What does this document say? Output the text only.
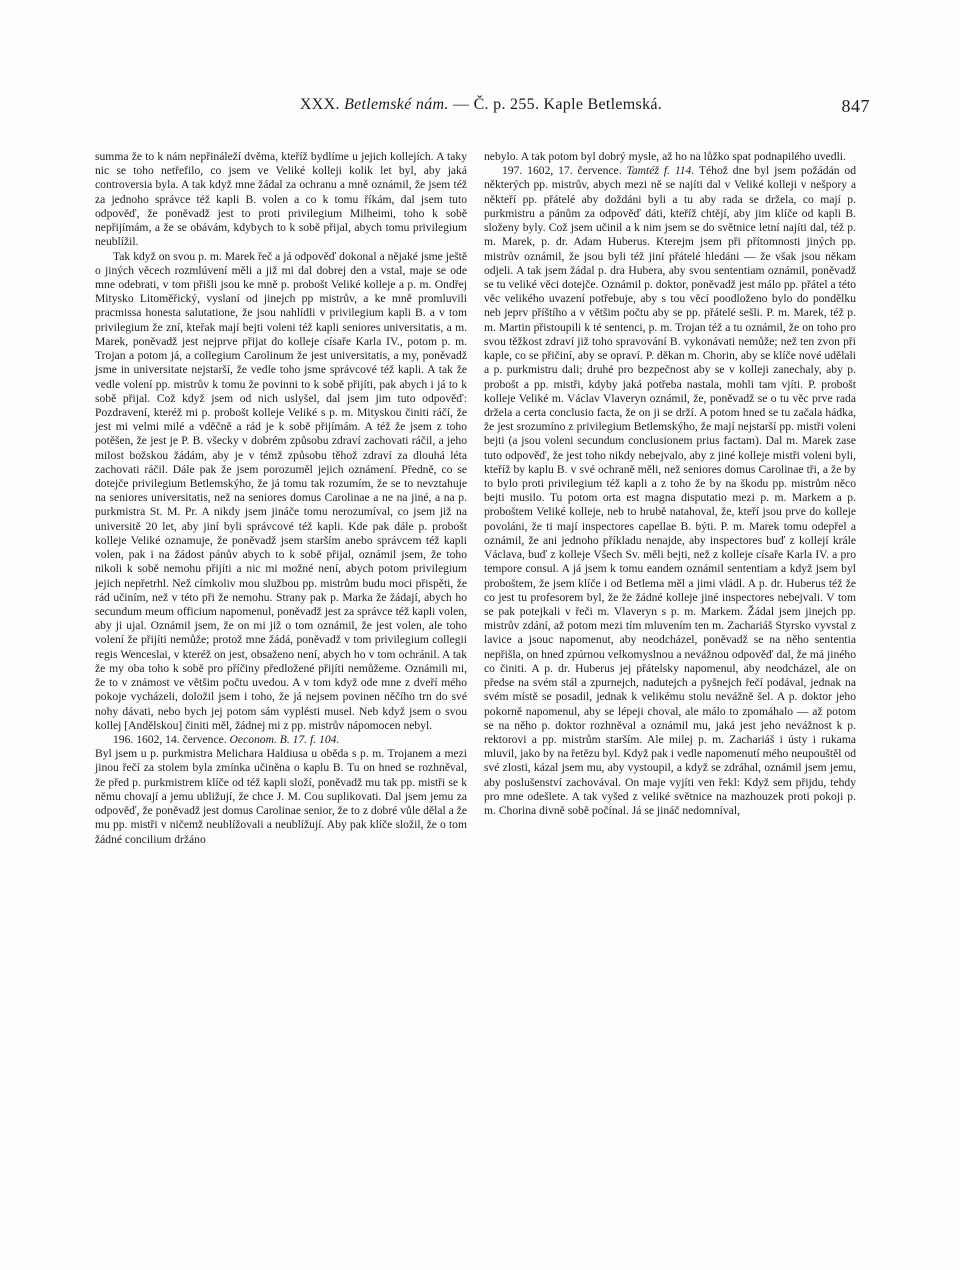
XXX. Betlemské nám. — Č. p. 255. Kaple Betlemská.	847

summa že to k nám nepřináleží dvěma, kteříž bydlíme u jejich kollejích. A taky nic se toho netřefilo, co jsem ve Veliké kolleji kolik let byl, aby jaká controversia byla. A tak když mne žádal za ochranu a mně oznámil, že jsem též za jednoho správce též kapli B. volen a co k tomu říkám, dal jsem tuto odpověď, že poněvadž jest to proti privilegium Milheimi, toho k sobě nepřijímám, a že se obávám, kdybych to k sobě přijal, abych tomu privilegium neublížil.

Tak když on svou p. m. Marek řeč a já odpověď dokonal a nějaké jsme ještě o jiných věcech rozmlúvení měli a již mi dal dobrej den a vstal, maje se ode mne odebrati, v tom přišli jsou ke mně p. probošt Veliké kolleje a p. m. Ondřej Mitysko Litoměřický, vyslaní od jinejch pp mistrův, a ke mně promluvili pracmissa honesta salutatione, že jsou nahlídli v privilegium kapli B. a v tom privilegium že zní, kteřak mají bejti voleni též kapli seniores universitatis, a m. Marek, poněvadž jest nejprve přijat do kolleje císaře Karla IV., potom p. m. Trojan a potom já, a collegium Carolinum že jest universitatis, a my, poněvadž jsme in universitate nejstarší, že vedle toho jsme správcové též kapli. A tak že vedle volení pp. mistrův k tomu že povinni to k sobě přijíti, pak abych i já to k sobě přijal. Což když jsem od nich uslyšel, dal jsem jim tuto odpověď: Pozdravení, kteréž mi p. probošt kolleje Veliké s p. m. Mityskou činiti ráčí, že jest mi velmi milé a vděčně a rád je k sobě přijímám. A též že jsem z toho potěšen, že jest je P. B. všecky v dobrém způsobu zdraví zachovati ráčil, a jeho milost božskou žádám, aby je v témž způsobu těhož zdraví za dlouhá léta zachovati ráčil. Dále pak že jsem porozuměl jejich oznámení. Předně, co se dotejče privilegium Betlemskýho, že já tomu tak rozumím, že se to nevztahuje na seniores universitatis, než na seniores domus Carolinae a ne na jiné, a na p. purkmistra St. M. Pr. A nikdy jsem jináče tomu nerozumíval, co jsem již na universitě 20 let, aby jiní byli správcové též kapli. Kde pak dále p. probošt kolleje Veliké oznamuje, že poněvadž jsem starším anebo správcem též kapli volen, pak i na žádost pánův abych to k sobě přijal, oznámil jsem, že toho nikoli k sobě nemohu přijíti a nic mi možné není, abych potom privilegium jejich nepřetrhl. Než címkoliv mou službou pp. mistrům budu moci přispěti, že rád učiním, než v této při že nemohu. Strany pak p. Marka že žádají, abych ho secundum meum officium napomenul, poněvadž jest za správce též kapli volen, aby ji ujal. Oznámil jsem, že on mi již o tom oznámil, že jest volen, ale toho volení že přijíti nemůže; protož mne žádá, poněvadž v tom privilegium collegii regis Wenceslai, v kteréž on jest, obsaženo není, abych ho v tom ochránil. A tak že my oba toho k sobě pro příčiny předložené přijíti nemůžeme. Oznámili mi, že to v známost ve většim počtu uvedou. A v tom když ode mne z dveří mého pokoje vycházeli, doložil jsem i toho, že já nejsem povinen něčího trn do své nohy dávati, nebo bych jej potom sám vyplésti musel. Neb když jsem o svou kollej [Andělskou] činiti měl, žádnej mi z pp. mistrův nápomocen nebyl.

196. 1602, 14. července. Oeconom. B. 17. f. 104.

Byl jsem u p. purkmistra Melichara Haldiusa u oběda s p. m. Trojanem a mezi jinou řečí za stolem byla zmínka učiněna o kaplu B. Tu on hned se rozhněval, že před p. purkmistrem klíče od též kapli složí, poněvadž mu tak pp. mistři se k němu chovají a jemu ubližují, že chce J. M. Cou suplikovati. Dal jsem jemu za odpověď, že poněvadž jest domus Carolinae senior, že to z dobré vůle dělal a že mu pp. mistři v ničemž neublížovali a neublížují. Aby pak klíče složil, že o tom žádné concilium držáno

nebylo. A tak potom byl dobrý mysle, až ho na lůžko spat podnapilého uvedli.

197. 1602, 17. července. Tamtéž f. 114. Téhož dne byl jsem požádán od některých pp. mistrův, abych mezi ně se najíti dal v Veliké kolleji v nešpory a někteří pp. přátelé aby doždáni byli a tu aby rada se držela, co mají p. purkmistru a pánům za odpověď dáti, kteříž chtějí, aby jim klíče od kapli B. složeny byly. Což jsem učinil a k nim jsem se do světnice letní najíti dal, též p. m. Marek, p. dr. Adam Huberus. Kterejm jsem při přítomnosti jiných pp. mistrův oznámil, že jsou byli též jiní přátelé hledáni — že však jsou někam odjeli. A tak jsem žádal p. dra Hubera, aby svou sententiam oznámil, poněvadž se tu veliké věci dotejče. Oznámil p. doktor, poněvadž jest málo pp. přátel a této věc velikého uvazení potřebuje, aby s tou věcí poodloženo bylo do pondělku neb jeprv příštího a v většim počtu aby se pp. přátelé sešli. P. m. Marek, též p. m. Martin přistoupili k té sentenci, p. m. Trojan též a tu oznámil, že on toho pro svou těžkost zdraví již toho spravování B. vykonávati nemůže; než ten zvon při kaple, co se přičiní, aby se opraví. P. děkan m. Chorin, aby se klíče nové udělali a p. purkmistru dali; druhé pro bezpečnost aby se v kolleji zanechaly, aby p. probošt a pp. mistři, kdyby jaká potřeba nastala, mohli tam vjíti. P. probošt kolleje Veliké m. Václav Vlaveryn oznámil, že, poněvadž se o tu věc prve rada držela a certa conclusio facta, že on ji se drží. A potom hned se tu začala hádka, že jest srozumíno z privilegium Betlemskýho, že mají nejstarší pp. mistři voleni bejti (a jsou voleni secundum conclusionem prius factam). Dal m. Marek zase tuto odpověď, že jest toho nikdy nebejvalo, aby z jiné kolleje mistři voleni byli, kteříž by kaplu B. v své ochraně měli, než seniores domus Carolinae tři, a že by to bylo proti privilegium též kapli a z toho že by na škodu pp. mistrům něco bejti musilo. Tu potom orta est magna disputatio mezi p. m. Markem a p. proboštem Veliké kolleje, neb to hrubě natahoval, že, kteří jsou prve do kolleje povoláni, že ti mají inspectores capellae B. býti. P. m. Marek tomu odepřel a oznámil, že ani jednoho příkladu nenajde, aby inspectores buď z kollejí krále Václava, buď z kolleje Všech Sv. měli bejti, než z kolleje císaře Karla IV. a pro tempore consul. A já jsem k tomu eandem oznámil sententiam a když jsem byl proboštem, že jsem klíče i od Betlema měl a jimi vládl. A p. dr. Huberus též že co jest tu profesorem byl, že že žádné kolleje jiné inspectores nebejvali. V tom se pak potejkali v řeči m. Vlaveryn s p. m. Markem. Žádal jsem jinejch pp. mistrův zdání, až potom mezi tím mluvením ten m. Zachariáš Styrsko vyvstal z lavice a jsouc napomenut, aby neodcházel, poněvadž se na něho sententia nepřišla, on hned zpúrnou velkomyslnou a nevážnou odpověď dal, že má jiného co činiti. A p. dr. Huberus jej přátelsky napomenul, aby neodcházel, ale on předse na svém stál a zpurnejch, nadutejch a pyšnejch řečí podával, jednak na svém místě se posadil, jednak k velikému stolu nevážně šel. A p. doktor jeho pokorně napomenul, aby se lépeji choval, ale málo to zpomáhalo — až potom se na něho p. doktor rozhněval a oznámil mu, jaká jest jeho nevážnost k p. rektorovi a pp. mistrům starším. Ale milej p. m. Zachariáš i ústy i rukama mluvil, jako by na řetězu byl. Když pak i vedle napomenutí mého neupouštěl od své zlosti, kázal jsem mu, aby vystoupil, a když se zdráhal, oznámil jsem jemu, aby poslušenství zachovával. On maje vyjíti ven řekl: Když sem přijdu, tehdy pro mne odešlete. A tak vyšed z veliké světnice na mazhouzek proti pokoji p. m. Chorina divně sobě počínal. Já se jináč nedomníval,
